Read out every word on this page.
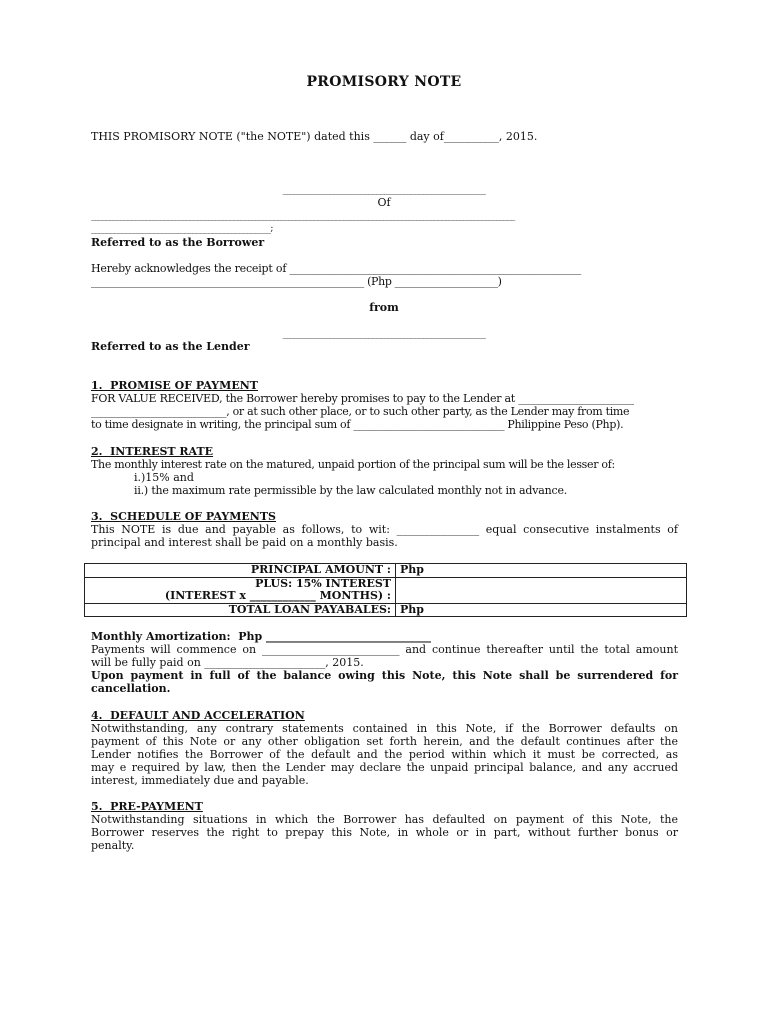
PROMISORY NOTE
THIS PROMISORY NOTE ("the NOTE") dated this ______ day of__________, 2015.
____________________________________________________
Of
____________________________________________________________________________________________________________________
______________________________________________;
Referred to as the Borrower
Hereby acknowledges the receipt of _______________________________________________________
_____________________________________________________ (Php ____________________)
from
____________________________________________________
Referred to as the Lender
1.  PROMISE OF PAYMENT
FOR VALUE RECEIVED, the Borrower hereby promises to pay to the Lender at ______________________
__________________________, or at such other place, or to such other party, as the Lender may from time
to time designate in writing, the principal sum of _____________________________ Philippine Peso (Php).
2.  INTEREST RATE
The monthly interest rate on the matured, unpaid portion of the principal sum will be the lesser of:
i.)15% and
ii.) the maximum rate permissible by the law calculated monthly not in advance.
3.  SCHEDULE OF PAYMENTS
This NOTE is due and payable as follows, to wit: _______________ equal consecutive instalments of
principal and interest shall be paid on a monthly basis.
PRINCIPAL AMOUNT :	Php
PLUS: 15% INTEREST	
(INTEREST x ____________ MONTHS) :	
TOTAL LOAN PAYABALES:	Php
Monthly Amortization:  Php ______________________________
Payments will commence on _________________________ and continue thereafter until the total amount
will be fully paid on ______________________, 2015.
Upon payment in full of the balance owing this Note, this Note shall be surrendered for
cancellation.
4.  DEFAULT AND ACCELERATION
Notwithstanding, any contrary statements contained in this Note, if the Borrower defaults on
payment of this Note or any other obligation set forth herein, and the default continues after the
Lender notifies the Borrower of the default and the period within which it must be corrected, as
may e required by law, then the Lender may declare the unpaid principal balance, and any accrued
interest, immediately due and payable.
5.  PRE-PAYMENT
Notwithstanding situations in which the Borrower has defaulted on payment of this Note, the
Borrower reserves the right to prepay this Note, in whole or in part, without further bonus or
penalty.
